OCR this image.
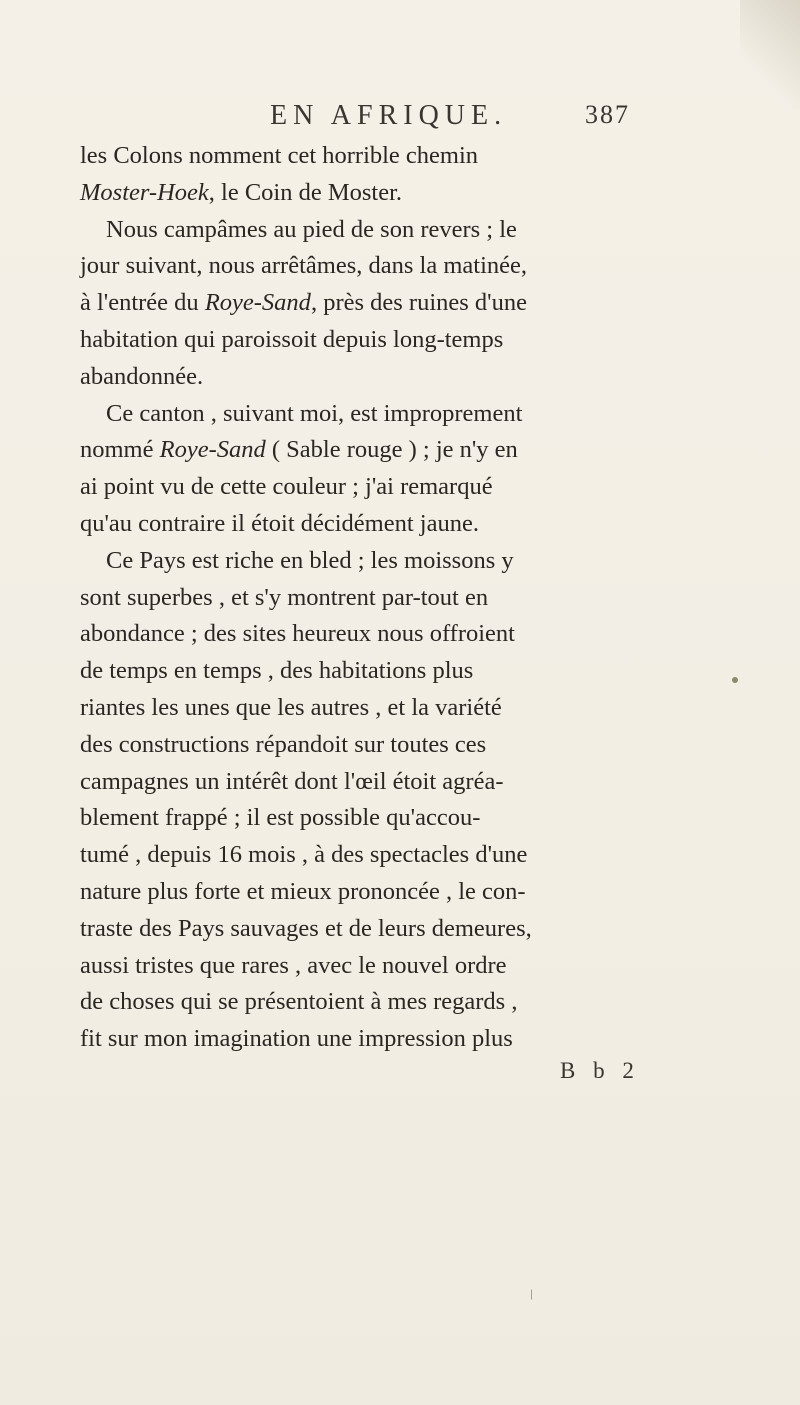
EN AFRIQUE.	387
les Colons nomment cet horrible chemin
Moster-Hoek, le Coin de Moster.
Nous campâmes au pied de son revers ; le
jour suivant, nous arrêtâmes, dans la matinée,
à l'entrée du Roye-Sand, près des ruines d'une
habitation qui paroissoit depuis long-temps
abandonnée.
Ce canton , suivant moi, est improprement
nommé Roye-Sand ( Sable rouge ) ; je n'y en
ai point vu de cette couleur ; j'ai remarqué
qu'au contraire il étoit décidément jaune.
Ce Pays est riche en bled ; les moissons y
sont superbes , et s'y montrent par-tout en
abondance ; des sites heureux nous offroient
de temps en temps , des habitations plus
riantes les unes que les autres , et la variété
des constructions répandoit sur toutes ces
campagnes un intérêt dont l'œil étoit agréa-
blement frappé ; il est possible qu'accou-
tumé , depuis 16 mois , à des spectacles d'une
nature plus forte et mieux prononcée , le con-
traste des Pays sauvages et de leurs demeures,
aussi tristes que rares , avec le nouvel ordre
de choses qui se présentoient à mes regards ,
fit sur mon imagination une impression plus
B b 2
/
